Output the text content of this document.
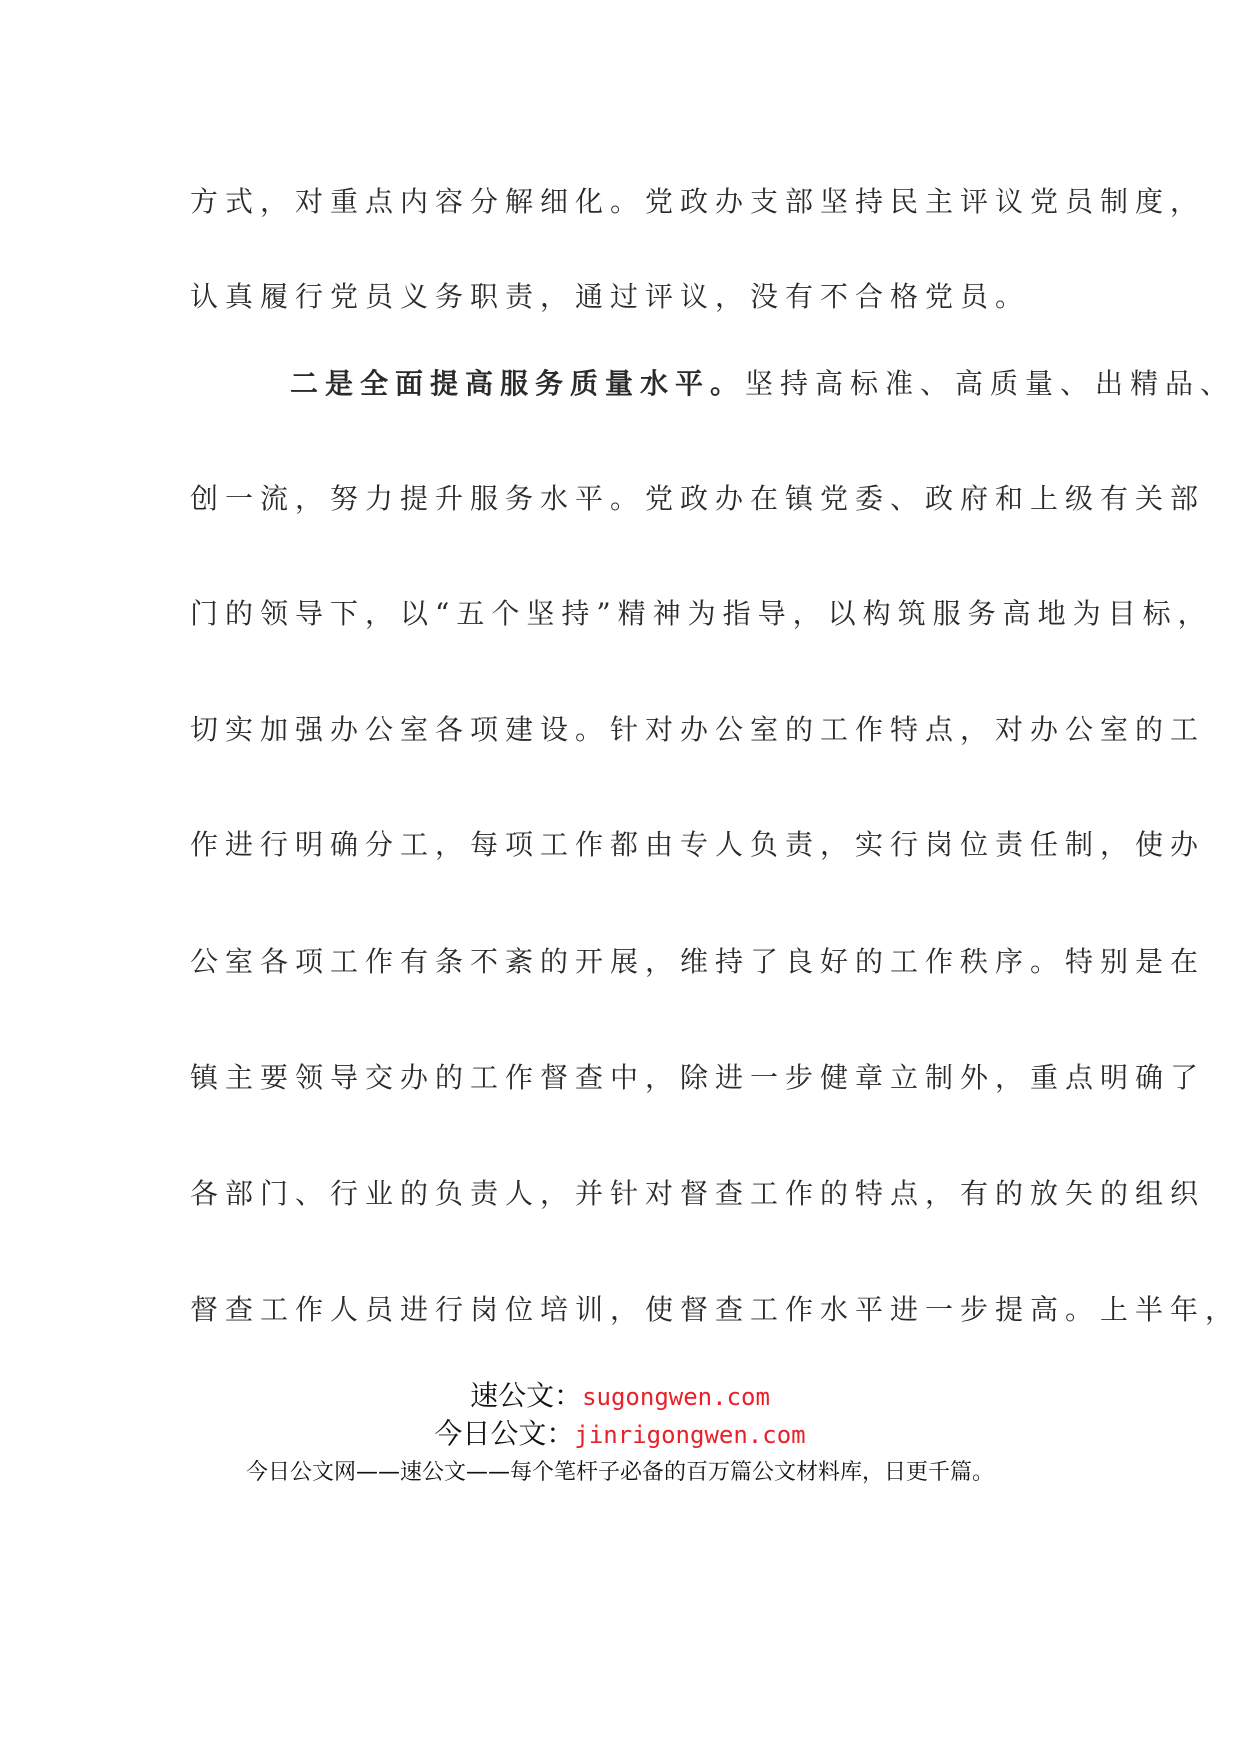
方式，对重点内容分解细化。党政办支部坚持民主评议党员制度，
认真履行党员义务职责，通过评议，没有不合格党员。
二是全面提高服务质量水平。坚持高标准、高质量、出精品、
创一流，努力提升服务水平。党政办在镇党委、政府和上级有关部
门的领导下，以“五个坚持”精神为指导，以构筑服务高地为目标，
切实加强办公室各项建设。针对办公室的工作特点，对办公室的工
作进行明确分工，每项工作都由专人负责，实行岗位责任制，使办
公室各项工作有条不紊的开展，维持了良好的工作秩序。特别是在
镇主要领导交办的工作督查中，除进一步健章立制外，重点明确了
各部门、行业的负责人，并针对督查工作的特点，有的放矢的组织
督查工作人员进行岗位培训，使督查工作水平进一步提高。上半年，
速公文：sugongwen.com
今日公文：jinrigongwen.com
今日公文网——速公文——每个笔杆子必备的百万篇公文材料库，日更千篇。
